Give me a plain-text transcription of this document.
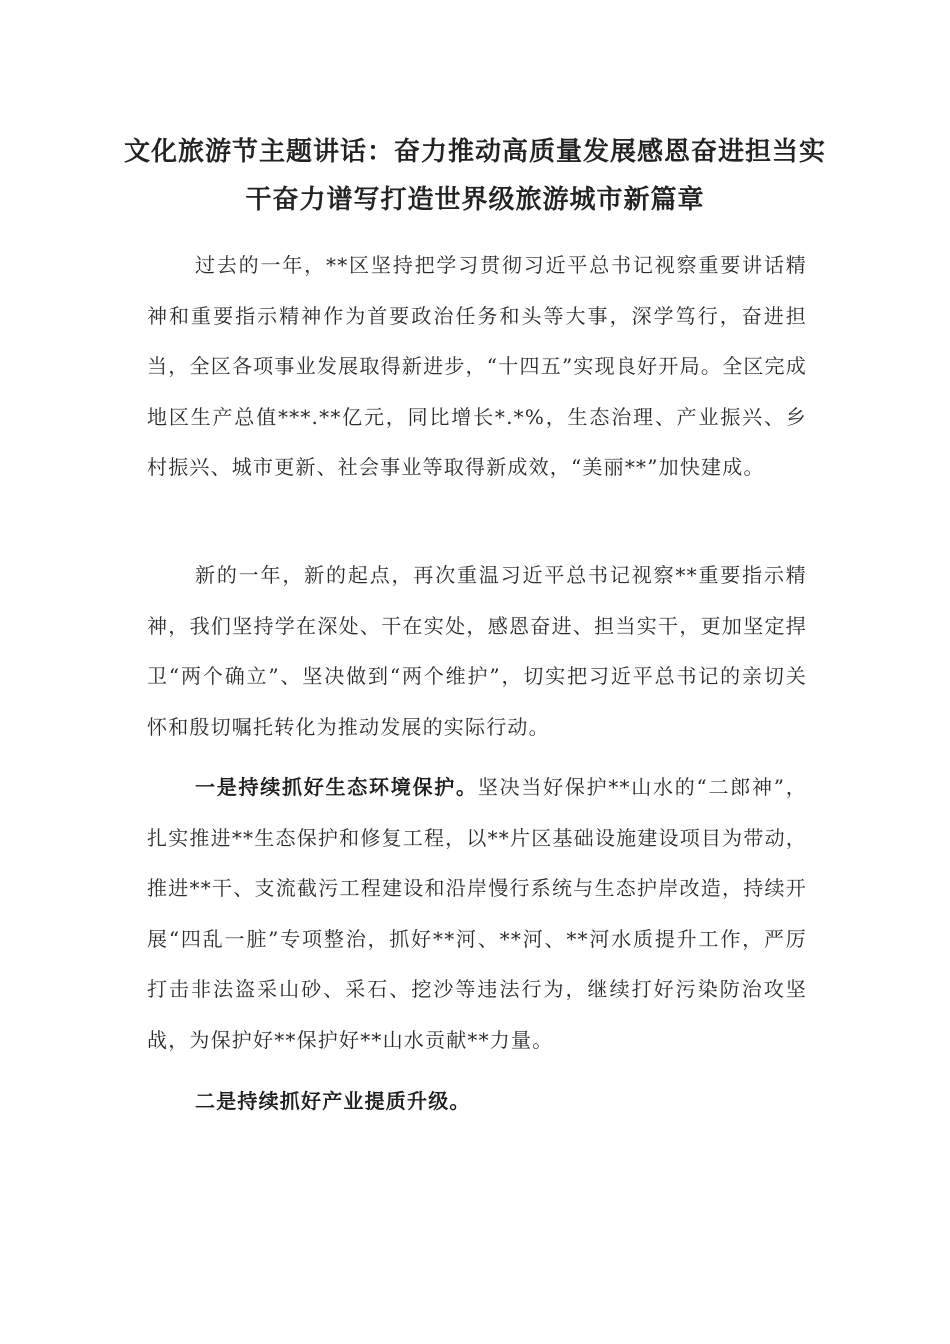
文化旅游节主题讲话：奋力推动高质量发展感恩奋进担当实干奋力谱写打造世界级旅游城市新篇章

过去的一年，**区坚持把学习贯彻习近平总书记视察重要讲话精神和重要指示精神作为首要政治任务和头等大事，深学笃行，奋进担当，全区各项事业发展取得新进步，“十四五”实现良好开局。全区完成地区生产总值***.**亿元，同比增长*.*%，生态治理、产业振兴、乡村振兴、城市更新、社会事业等取得新成效，“美丽**”加快建成。

新的一年，新的起点，再次重温习近平总书记视察**重要指示精神，我们坚持学在深处、干在实处，感恩奋进、担当实干，更加坚定捍卫“两个确立”、坚决做到“两个维护”，切实把习近平总书记的亲切关怀和殷切嘱托转化为推动发展的实际行动。

一是持续抓好生态环境保护。坚决当好保护**山水的“二郎神”，扎实推进**生态保护和修复工程，以**片区基础设施建设项目为带动，推进**干、支流截污工程建设和沿岸慢行系统与生态护岸改造，持续开展“四乱一脏”专项整治，抓好**河、**河、**河水质提升工作，严厉打击非法盗采山砂、采石、挖沙等违法行为，继续打好污染防治攻坚战，为保护好**保护好**山水贡献**力量。

二是持续抓好产业提质升级。
